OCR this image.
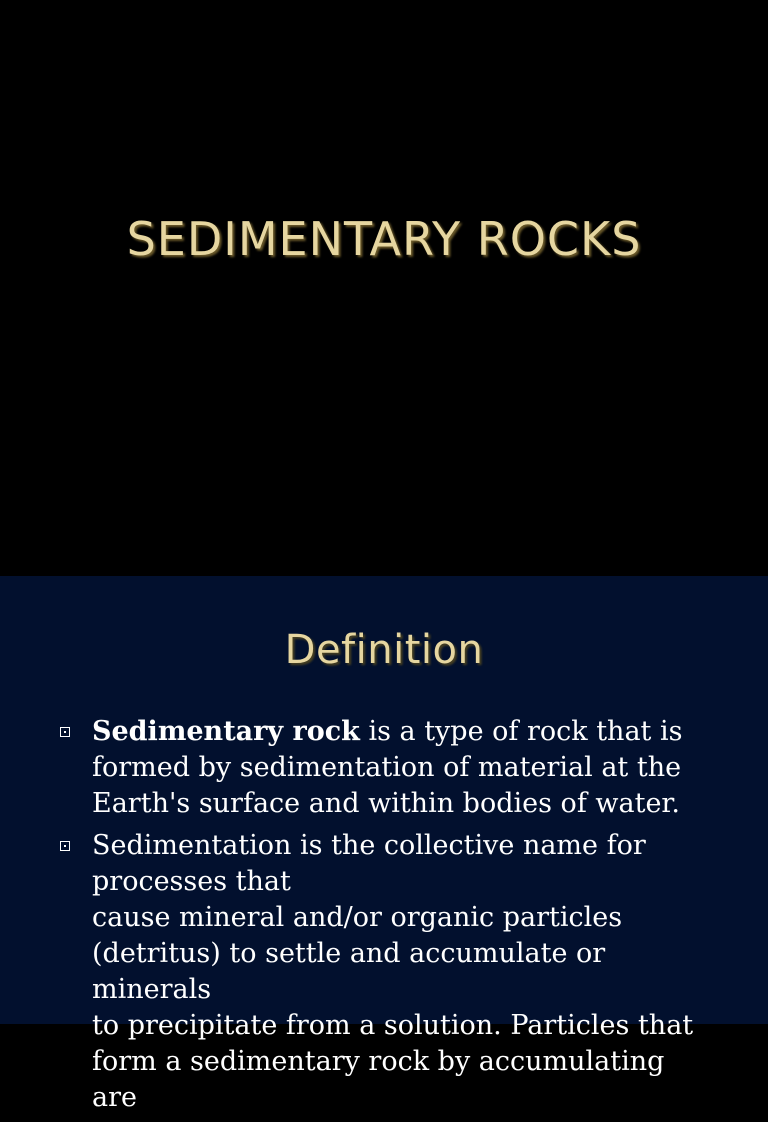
SEDIMENTARY ROCKS
Definition
Sedimentary rock is a type of rock that is
formed by sedimentation of material at the
Earth's surface and within bodies of water.
Sedimentation is the collective name for
processes that
cause mineral and/or organic particles
(detritus) to settle and accumulate or minerals
to precipitate from a solution. Particles that
form a sedimentary rock by accumulating are
